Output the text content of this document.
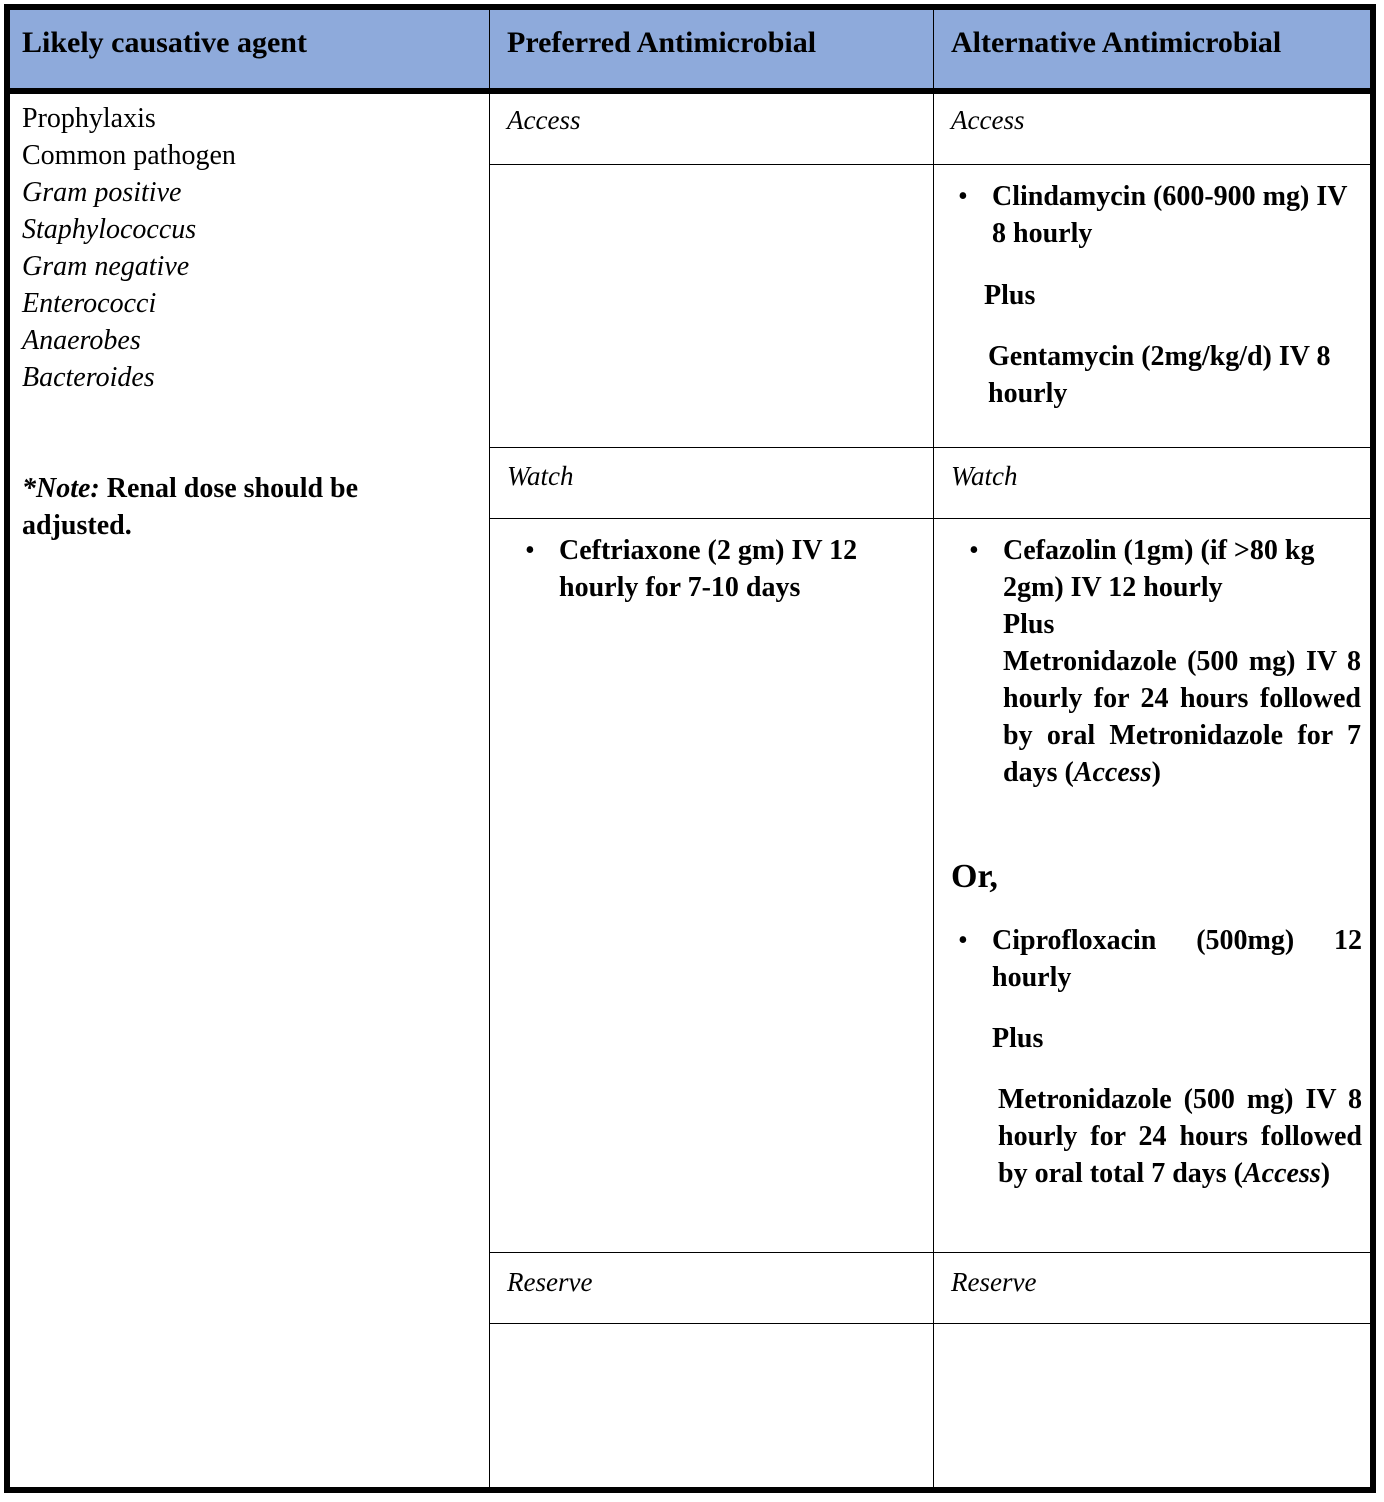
Likely causative agent	Preferred Antimicrobial	Alternative Antimicrobial
Prophylaxis
Common pathogen
Gram positive
Staphylococcus
Gram negative
Enterococci
Anaerobes
Bacteroides
*Note: Renal dose should be adjusted.
Access
Watch
• Ceftriaxone (2 gm) IV 12 hourly for 7-10 days
Reserve
Access
• Clindamycin (600-900 mg) IV 8 hourly
Plus
Gentamycin (2mg/kg/d) IV 8 hourly
Watch
• Cefazolin (1gm) (if >80 kg 2gm) IV 12 hourly
Plus
Metronidazole (500 mg) IV 8 hourly for 24 hours followed by oral Metronidazole for 7 days (Access)
Or,
• Ciprofloxacin (500mg) 12 hourly
Plus
Metronidazole (500 mg) IV 8 hourly for 24 hours followed by oral total 7 days (Access)
Reserve
